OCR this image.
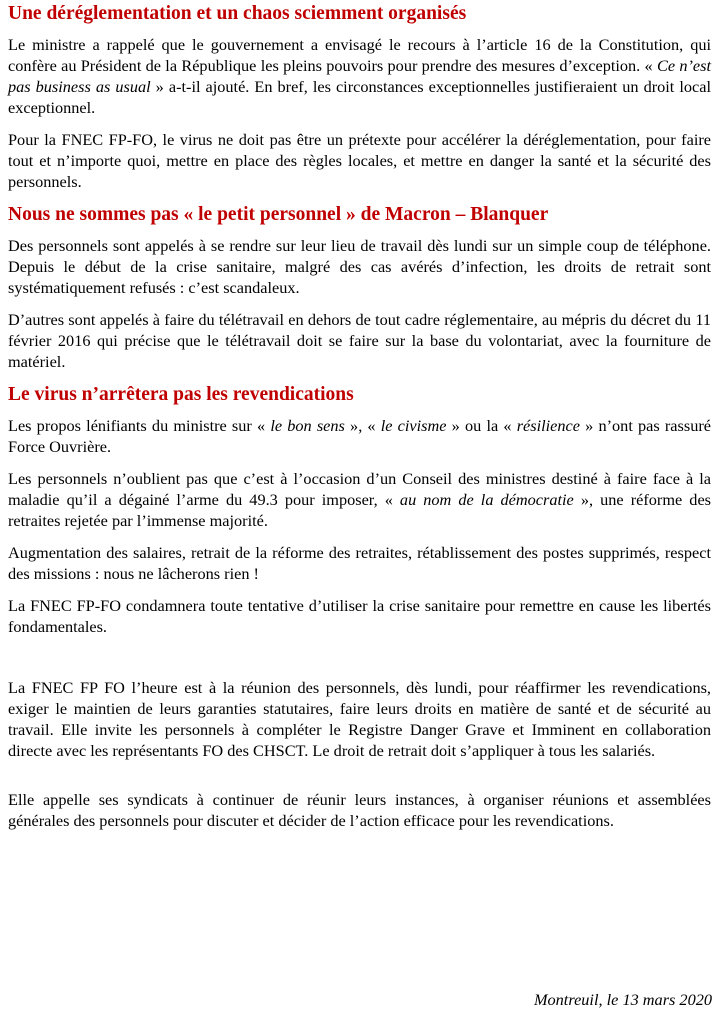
Une déréglementation et un chaos sciemment organisés

Le ministre a rappelé que le gouvernement a envisagé le recours à l’article 16 de la Constitution, qui confère au Président de la République les pleins pouvoirs pour prendre des mesures d’exception. « Ce n’est pas business as usual » a-t-il ajouté. En bref, les circonstances exceptionnelles justifieraient un droit local exceptionnel.

Pour la FNEC FP-FO, le virus ne doit pas être un prétexte pour accélérer la déréglementation, pour faire tout et n’importe quoi, mettre en place des règles locales, et mettre en danger la santé et la sécurité des personnels.

Nous ne sommes pas « le petit personnel » de Macron – Blanquer

Des personnels sont appelés à se rendre sur leur lieu de travail dès lundi sur un simple coup de téléphone. Depuis le début de la crise sanitaire, malgré des cas avérés d’infection, les droits de retrait sont systématiquement refusés : c’est scandaleux.

D’autres sont appelés à faire du télétravail en dehors de tout cadre réglementaire, au mépris du décret du 11 février 2016 qui précise que le télétravail doit se faire sur la base du volontariat, avec la fourniture de matériel.

Le virus n’arrêtera pas les revendications

Les propos lénifiants du ministre sur « le bon sens », « le civisme » ou la « résilience » n’ont pas rassuré Force Ouvrière.

Les personnels n’oublient pas que c’est à l’occasion d’un Conseil des ministres destiné à faire face à la maladie qu’il a dégainé l’arme du 49.3 pour imposer, « au nom de la démocratie », une réforme des retraites rejetée par l’immense majorité.

Augmentation des salaires, retrait de la réforme des retraites, rétablissement des postes supprimés, respect des missions : nous ne lâcherons rien !

La FNEC FP-FO condamnera toute tentative d’utiliser la crise sanitaire pour remettre en cause les libertés fondamentales.

La FNEC FP FO l’heure est à la réunion des personnels, dès lundi, pour réaffirmer les revendications, exiger le maintien de leurs garanties statutaires, faire leurs droits en matière de santé et de sécurité au travail. Elle invite les personnels à compléter le Registre Danger Grave et Imminent en collaboration directe avec les représentants FO des CHSCT. Le droit de retrait doit s’appliquer à tous les salariés.

Elle appelle ses syndicats à continuer de réunir leurs instances, à organiser réunions et assemblées générales des personnels pour discuter et décider de l’action efficace pour les revendications.

Montreuil, le 13 mars 2020
